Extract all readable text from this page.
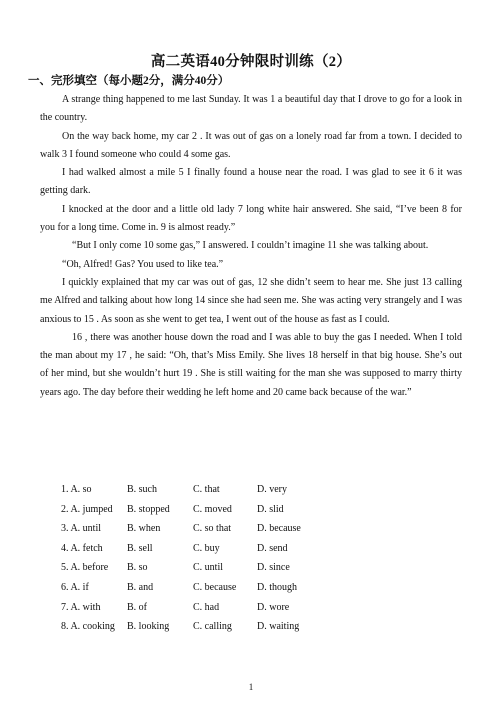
高二英语40分钟限时训练（2）
一、完形填空（每小题2分，满分40分）

A strange thing happened to me last Sunday. It was 1 a beautiful day that I drove to go for a look in the country.

On the way back home, my car 2 . It was out of gas on a lonely road far from a town. I decided to walk 3 I found someone who could 4 some gas.

I had walked almost a mile 5 I finally found a house near the road. I was glad to see it 6 it was getting dark.

I knocked at the door and a little old lady 7 long white hair answered. She said, “I’ve been 8 for you for a long time. Come in. 9 is almost ready.”

“But I only come 10 some gas,” I answered. I couldn’t imagine 11 she was talking about.

“Oh, Alfred! Gas? You used to like tea.”

I quickly explained that my car was out of gas, 12 she didn’t seem to hear me. She just 13 calling me Alfred and talking about how long 14 since she had seen me. She was acting very strangely and I was anxious to 15 . As soon as she went to get tea, I went out of the house as fast as I could.

16 , there was another house down the road and I was able to buy the gas I needed. When I told the man about my 17 , he said: “Oh, that’s Miss Emily. She lives 18 herself in that big house. She’s out of her mind, but she wouldn’t hurt 19 . She is still waiting for the man she was supposed to marry thirty years ago. The day before their wedding he left home and 20 came back because of the war.”

1. A. so	B. such	C. that	D. very
2. A. jumped	B. stopped	C. moved	D. slid
3. A. until	B. when	C. so that	D. because
4. A. fetch	B. sell	C. buy	D. send
5. A. before	B. so	C. until	D. since
6. A. if	B. and	C. because	D. though
7. A. with	B. of	C. had	D. wore
8. A. cooking	B. looking	C. calling	D. waiting
1
